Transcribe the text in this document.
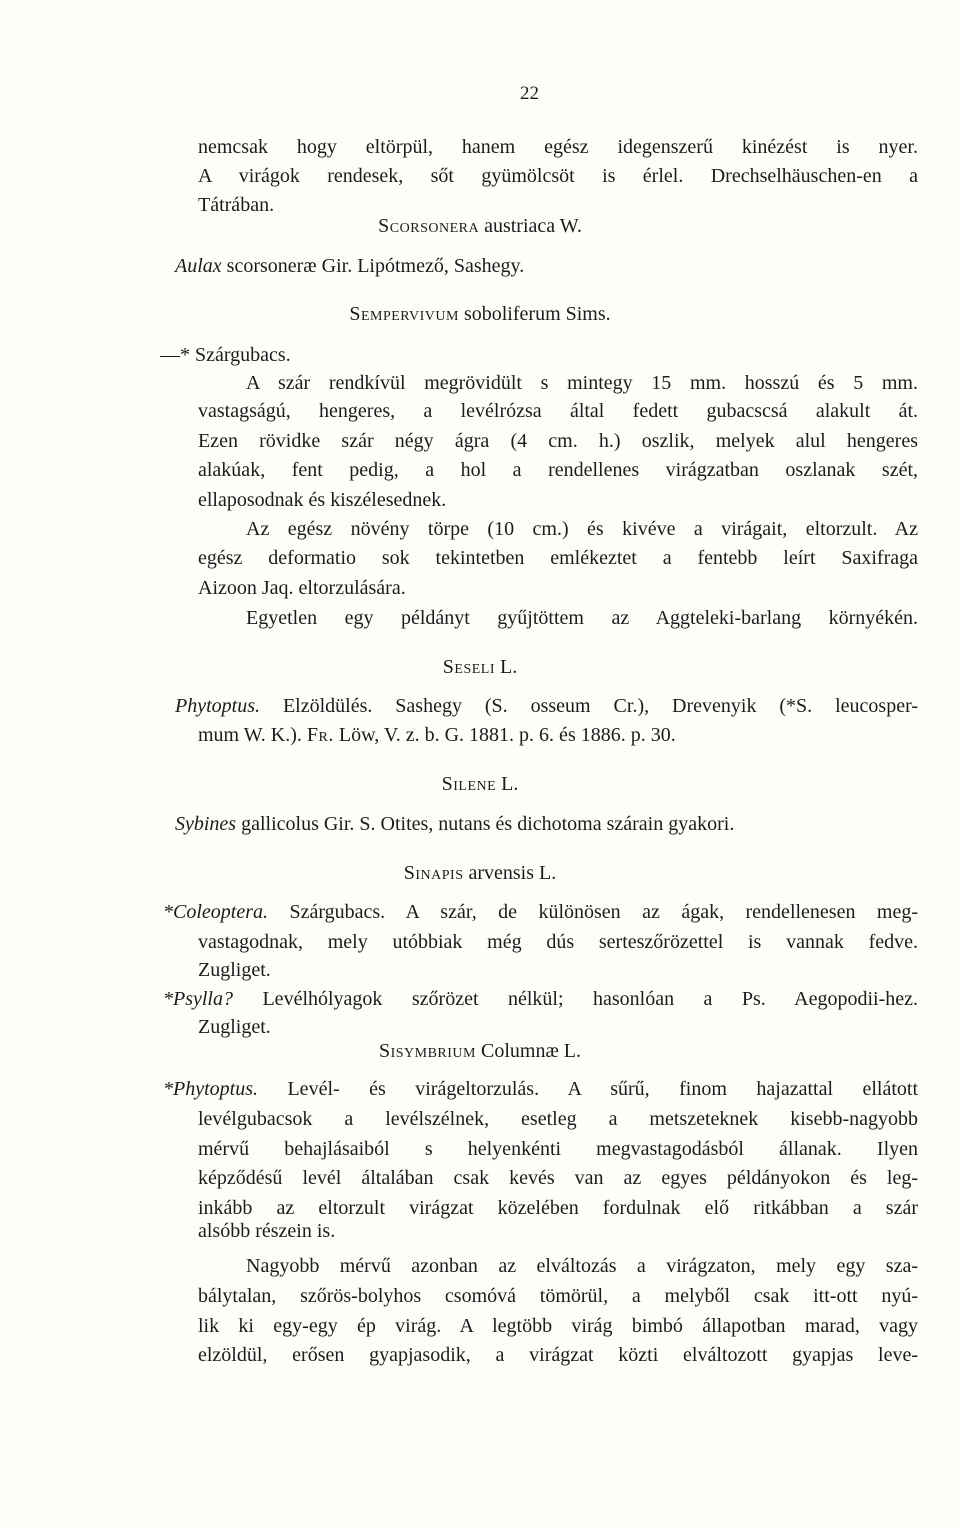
22
nemcsak hogy eltörpül, hanem egész idegenszerű kinézést is nyer.
A virágok rendesek, sőt gyümölcsöt is érlel. Drechselhäuschen-en a
Tátrában.
Scorsonera austriaca W.
Aulax scorsoneræ Gir. Lipótmező, Sashegy.
Sempervivum soboliferum Sims.
—* Szárgubacs.
A szár rendkívül megrövidült s mintegy 15 mm. hosszú és 5 mm.
vastagságú, hengeres, a levélrózsa által fedett gubacscsá alakult át.
Ezen rövidke szár négy ágra (4 cm. h.) oszlik, melyek alul hengeres
alakúak, fent pedig, a hol a rendellenes virágzatban oszlanak szét,
ellaposodnak és kiszélesednek.
Az egész növény törpe (10 cm.) és kivéve a virágait, eltorzult. Az
egész deformatio sok tekintetben emlékeztet a fentebb leírt Saxifraga
Aizoon Jaq. eltorzulására.
Egyetlen egy példányt gyűjtöttem az Aggteleki-barlang környékén.
Seseli L.
Phytoptus. Elzöldülés. Sashegy (S. osseum Cr.), Drevenyik (*S. leucosper-
mum W. K.). Fr. Löw, V. z. b. G. 1881. p. 6. és 1886. p. 30.
Silene L.
Sybines gallicolus Gir. S. Otites, nutans és dichotoma szárain gyakori.
Sinapis arvensis L.
*Coleoptera. Szárgubacs. A szár, de különösen az ágak, rendellenesen meg-
vastagodnak, mely utóbbiak még dús serteszőrözettel is vannak fedve.
Zugliget.
*Psylla? Levélhólyagok szőrözet nélkül; hasonlóan a Ps. Aegopodii-hez.
Zugliget.
Sisymbrium Columnæ L.
*Phytoptus. Levél- és virágeltorzulás. A sűrű, finom hajazattal ellátott
levélgubacsok a levélszélnek, esetleg a metszeteknek kisebb-nagyobb
mérvű behajlásaiból s helyenkénti megvastagodásból állanak. Ilyen
képződésű levél általában csak kevés van az egyes példányokon és leg-
inkább az eltorzult virágzat közelében fordulnak elő ritkábban a szár
alsóbb részein is.
Nagyobb mérvű azonban az elváltozás a virágzaton, mely egy sza-
bálytalan, szőrös-bolyhos csomóvá tömörül, a melyből csak itt-ott nyú-
lik ki egy-egy ép virág. A legtöbb virág bimbó állapotban marad, vagy
elzöldül, erősen gyapjasodik, a virágzat közti elváltozott gyapjas leve-
